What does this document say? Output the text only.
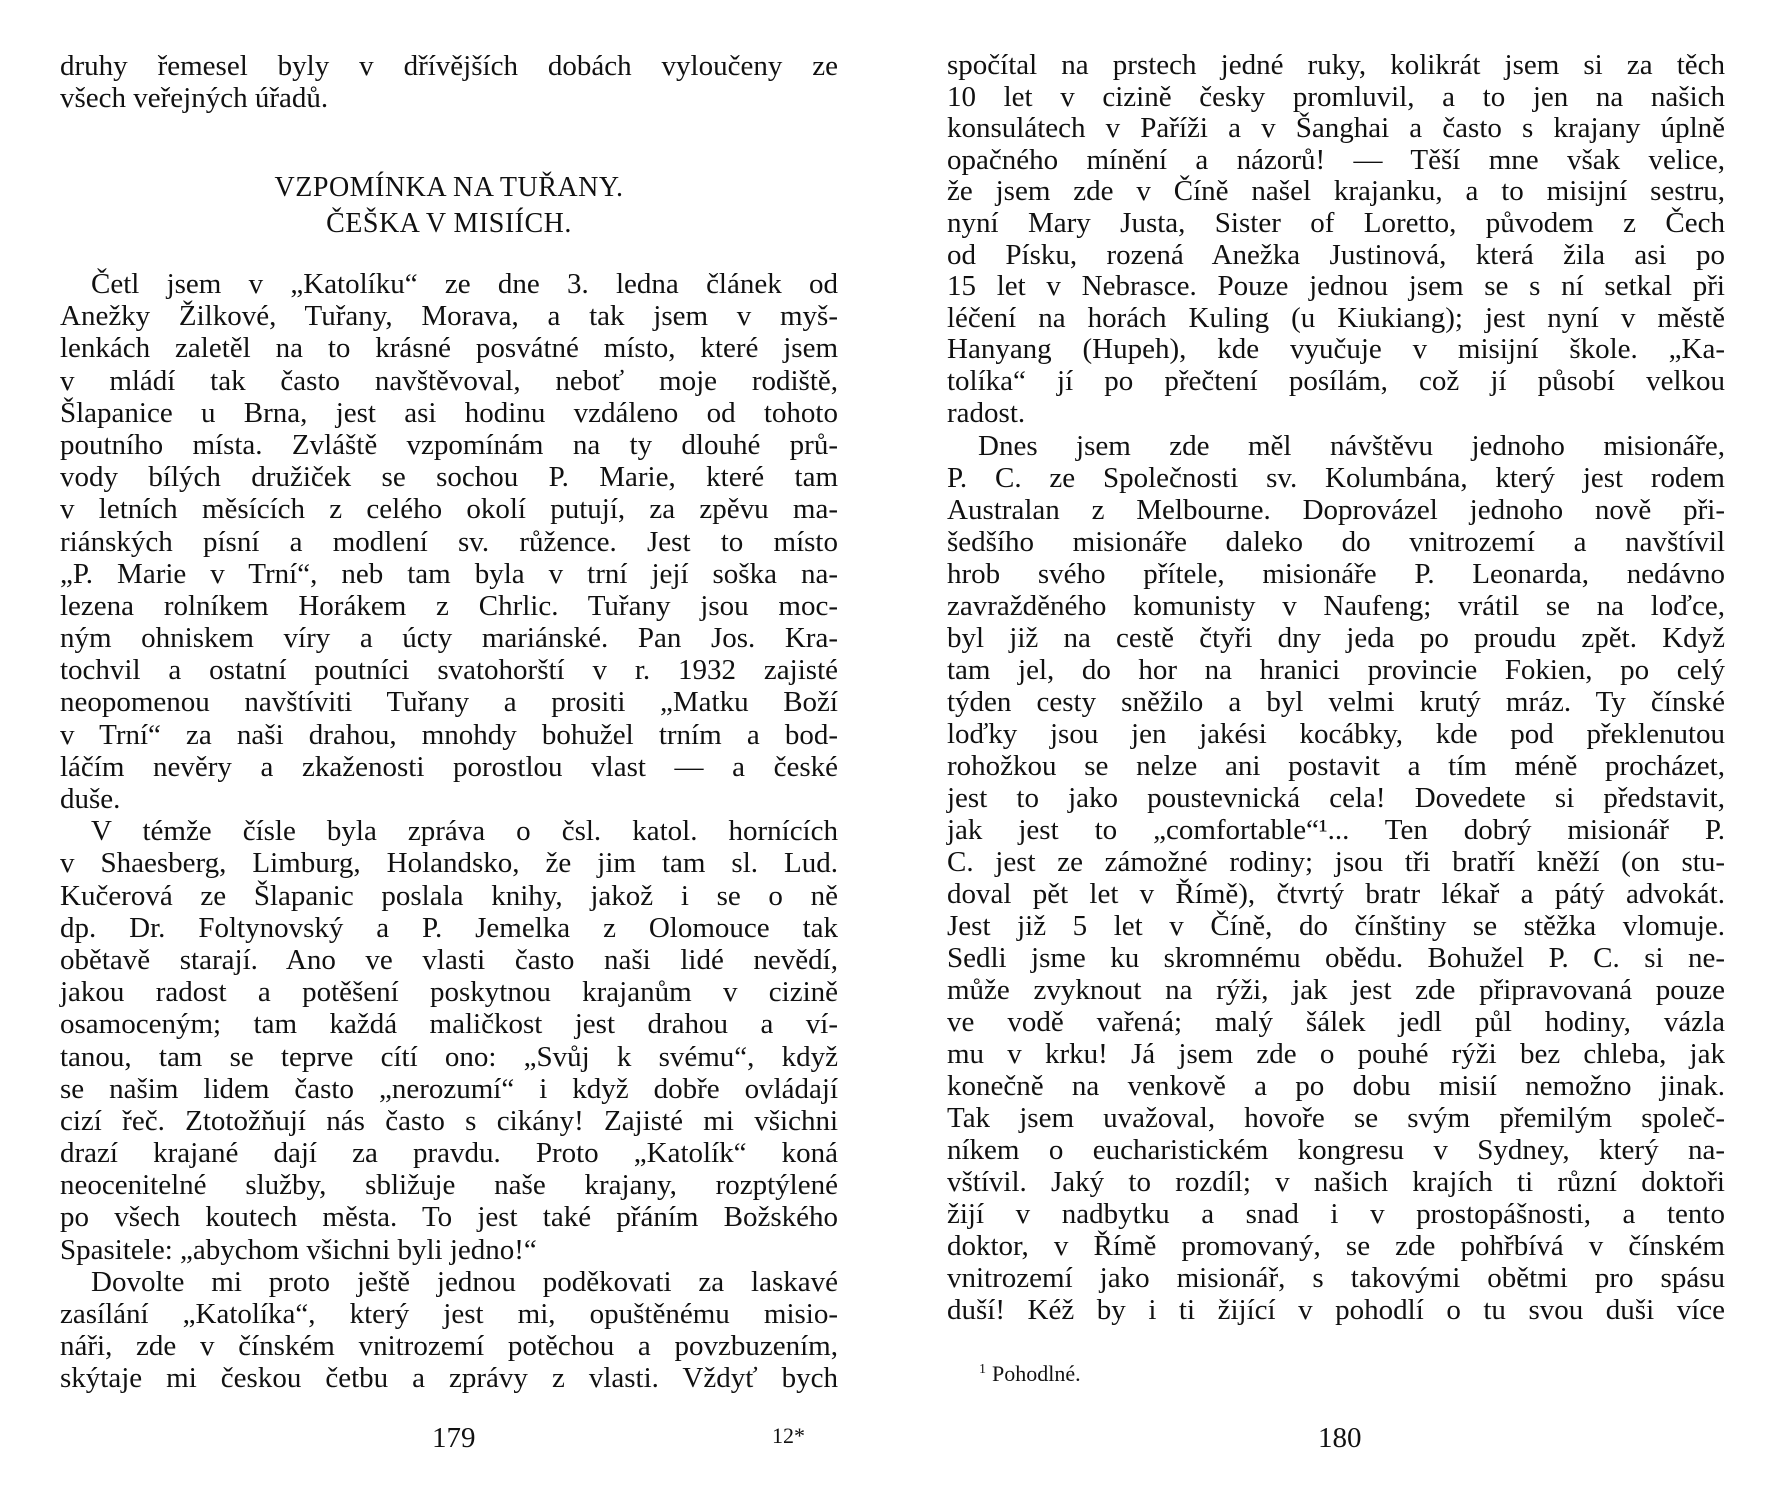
druhy řemesel byly v dřívějších dobách vyloučeny ze
všech veřejných úřadů.
VZPOMÍNKA NA TUŘANY.
ČEŠKA V MISIÍCH.
Četl jsem v „Katolíku“ ze dne 3. ledna článek od
Anežky Žilkové, Tuřany, Morava, a tak jsem v myš-
lenkách zaletěl na to krásné posvátné místo, které jsem
v mládí tak často navštěvoval, neboť moje rodiště,
Šlapanice u Brna, jest asi hodinu vzdáleno od tohoto
poutního místa. Zvláště vzpomínám na ty dlouhé prů-
vody bílých družiček se sochou P. Marie, které tam
v letních měsících z celého okolí putují, za zpěvu ma-
riánských písní a modlení sv. růžence. Jest to místo
„P. Marie v Trní“, neb tam byla v trní její soška na-
lezena rolníkem Horákem z Chrlic. Tuřany jsou moc-
ným ohniskem víry a úcty mariánské. Pan Jos. Kra-
tochvil a ostatní poutníci svatohorští v r. 1932 zajisté
neopomenou navštíviti Tuřany a prositi „Matku Boží
v Trní“ za naši drahou, mnohdy bohužel trním a bod-
láčím nevěry a zkaženosti porostlou vlast — a české
duše.
V témže čísle byla zpráva o čsl. katol. hornících
v Shaesberg, Limburg, Holandsko, že jim tam sl. Lud.
Kučerová ze Šlapanic poslala knihy, jakož i se o ně
dp. Dr. Foltynovský a P. Jemelka z Olomouce tak
obětavě starají. Ano ve vlasti často naši lidé nevědí,
jakou radost a potěšení poskytnou krajanům v cizině
osamoceným; tam každá maličkost jest drahou a ví-
tanou, tam se teprve cítí ono: „Svůj k svému“, když
se našim lidem často „nerozumí“ i když dobře ovládají
cizí řeč. Ztotožňují nás často s cikány! Zajisté mi všichni
drazí krajané dají za pravdu. Proto „Katolík“ koná
neocenitelné služby, sbližuje naše krajany, rozptýlené
po všech koutech města. To jest také přáním Božského
Spasitele: „abychom všichni byli jedno!“
Dovolte mi proto ještě jednou poděkovati za laskavé
zasílání „Katolíka“, který jest mi, opuštěnému misio-
náři, zde v čínském vnitrozemí potěchou a povzbuzením,
skýtaje mi českou četbu a zprávy z vlasti. Vždyť bych
179	12*
spočítal na prstech jedné ruky, kolikrát jsem si za těch
10 let v cizině česky promluvil, a to jen na našich
konsulátech v Paříži a v Šanghai a často s krajany úplně
opačného mínění a názorů! — Těší mne však velice,
že jsem zde v Číně našel krajanku, a to misijní sestru,
nyní Mary Justa, Sister of Loretto, původem z Čech
od Písku, rozená Anežka Justinová, která žila asi po
15 let v Nebrasce. Pouze jednou jsem se s ní setkal při
léčení na horách Kuling (u Kiukiang); jest nyní v městě
Hanyang (Hupeh), kde vyučuje v misijní škole. „Ka-
tolíka“ jí po přečtení posílám, což jí působí velkou
radost.
Dnes jsem zde měl návštěvu jednoho misionáře,
P. C. ze Společnosti sv. Kolumbána, který jest rodem
Australan z Melbourne. Doprovázel jednoho nově při-
šedšího misionáře daleko do vnitrozemí a navštívil
hrob svého přítele, misionáře P. Leonarda, nedávno
zavražděného komunisty v Naufeng; vrátil se na loďce,
byl již na cestě čtyři dny jeda po proudu zpět. Když
tam jel, do hor na hranici provincie Fokien, po celý
týden cesty sněžilo a byl velmi krutý mráz. Ty čínské
loďky jsou jen jakési kocábky, kde pod překlenutou
rohožkou se nelze ani postavit a tím méně procházet,
jest to jako poustevnická cela! Dovedete si představit,
jak jest to „comfortable“¹... Ten dobrý misionář P.
C. jest ze zámožné rodiny; jsou tři bratří kněží (on stu-
doval pět let v Římě), čtvrtý bratr lékař a pátý advokát.
Jest již 5 let v Číně, do čínštiny se stěžka vlomuje.
Sedli jsme ku skromnému obědu. Bohužel P. C. si ne-
může zvyknout na rýži, jak jest zde připravovaná pouze
ve vodě vařená; malý šálek jedl půl hodiny, vázla
mu v krku! Já jsem zde o pouhé rýži bez chleba, jak
konečně na venkově a po dobu misií nemožno jinak.
Tak jsem uvažoval, hovoře se svým přemilým společ-
níkem o eucharistickém kongresu v Sydney, který na-
vštívil. Jaký to rozdíl; v našich krajích ti různí doktoři
žijí v nadbytku a snad i v prostopášnosti, a tento
doktor, v Římě promovaný, se zde pohřbívá v čínském
vnitrozemí jako misionář, s takovými obětmi pro spásu
duší! Kéž by i ti žijící v pohodlí o tu svou duši více
$^1$ Pohodlné.
180
